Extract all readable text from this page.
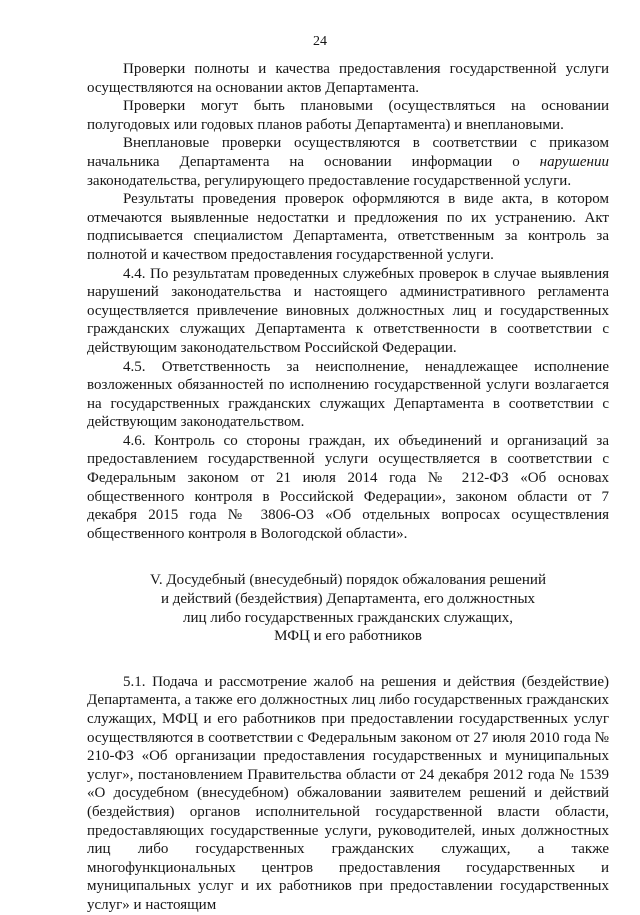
24

Проверки полноты и качества предоставления государственной услуги осуществляются на основании актов Департамента.

Проверки могут быть плановыми (осуществляться на основании полугодовых или годовых планов работы Департамента) и внеплановыми.

Внеплановые проверки осуществляются в соответствии с приказом начальника Департамента на основании информации о нарушении законодательства, регулирующего предоставление государственной услуги.

Результаты проведения проверок оформляются в виде акта, в котором отмечаются выявленные недостатки и предложения по их устранению. Акт подписывается специалистом Департамента, ответственным за контроль за полнотой и качеством предоставления государственной услуги.

4.4. По результатам проведенных служебных проверок в случае выявления нарушений законодательства и настоящего административного регламента осуществляется привлечение виновных должностных лиц и государственных гражданских служащих Департамента к ответственности в соответствии с действующим законодательством Российской Федерации.

4.5. Ответственность за неисполнение, ненадлежащее исполнение возложенных обязанностей по исполнению государственной услуги возлагается на государственных гражданских служащих Департамента в соответствии с действующим законодательством.

4.6. Контроль со стороны граждан, их объединений и организаций за предоставлением государственной услуги осуществляется в соответствии с Федеральным законом от 21 июля 2014 года № 212-ФЗ «Об основах общественного контроля в Российской Федерации», законом области от 7 декабря 2015 года № 3806-ОЗ «Об отдельных вопросах осуществления общественного контроля в Вологодской области».

V. Досудебный (внесудебный) порядок обжалования решений
и действий (бездействия) Департамента, его должностных
лиц либо государственных гражданских служащих,
МФЦ и его работников

5.1. Подача и рассмотрение жалоб на решения и действия (бездействие) Департамента, а также его должностных лиц либо государственных гражданских служащих, МФЦ и его работников при предоставлении государственных услуг осуществляются в соответствии с Федеральным законом от 27 июля 2010 года № 210-ФЗ «Об организации предоставления государственных и муниципальных услуг», постановлением Правительства области от 24 декабря 2012 года № 1539 «О досудебном (внесудебном) обжаловании заявителем решений и действий (бездействия) органов исполнительной государственной власти области, предоставляющих государственные услуги, руководителей, иных должностных лиц либо государственных гражданских служащих, а также многофункциональных центров предоставления государственных и муниципальных услуг и их работников при предоставлении государственных услуг» и настоящим
